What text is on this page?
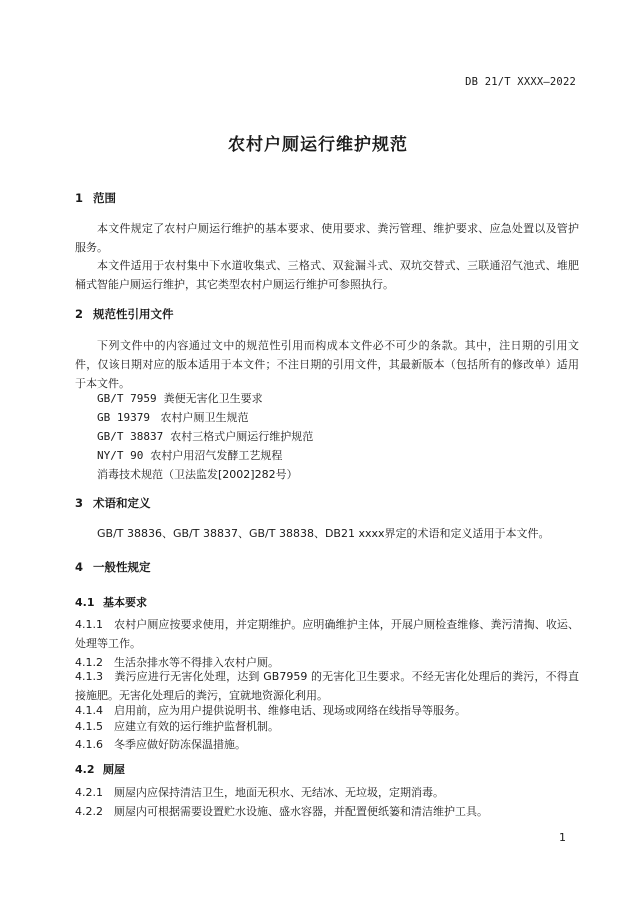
DB 21/T XXXX—2022
农村户厕运行维护规范
1 范围
本文件规定了农村户厕运行维护的基本要求、使用要求、粪污管理、维护要求、应急处置以及管护服务。
本文件适用于农村集中下水道收集式、三格式、双瓮漏斗式、双坑交替式、三联通沼气池式、堆肥桶式智能户厕运行维护，其它类型农村户厕运行维护可参照执行。
2 规范性引用文件
下列文件中的内容通过文中的规范性引用而构成本文件必不可少的条款。其中，注日期的引用文件，仅该日期对应的版本适用于本文件；不注日期的引用文件，其最新版本（包括所有的修改单）适用于本文件。
GB/T 7959 粪便无害化卫生要求
GB 19379 农村户厕卫生规范
GB/T 38837 农村三格式户厕运行维护规范
NY/T 90 农村户用沼气发酵工艺规程
消毒技术规范（卫法监发[2002]282号）
3 术语和定义
GB/T 38836、GB/T 38837、GB/T 38838、DB21 xxxx界定的术语和定义适用于本文件。
4 一般性规定
4.1 基本要求
4.1.1　农村户厕应按要求使用，并定期维护。应明确维护主体，开展户厕检查维修、粪污清掏、收运、处理等工作。
4.1.2　生活杂排水等不得排入农村户厕。
4.1.3　粪污应进行无害化处理，达到 GB7959 的无害化卫生要求。不经无害化处理后的粪污，不得直接施肥。无害化处理后的粪污，宜就地资源化利用。
4.1.4　启用前，应为用户提供说明书、维修电话、现场或网络在线指导等服务。
4.1.5　应建立有效的运行维护监督机制。
4.1.6　冬季应做好防冻保温措施。
4.2 厕屋
4.2.1　厕屋内应保持清洁卫生，地面无积水、无结冰、无垃圾，定期消毒。
4.2.2　厕屋内可根据需要设置贮水设施、盛水容器，并配置便纸篓和清洁维护工具。
1
